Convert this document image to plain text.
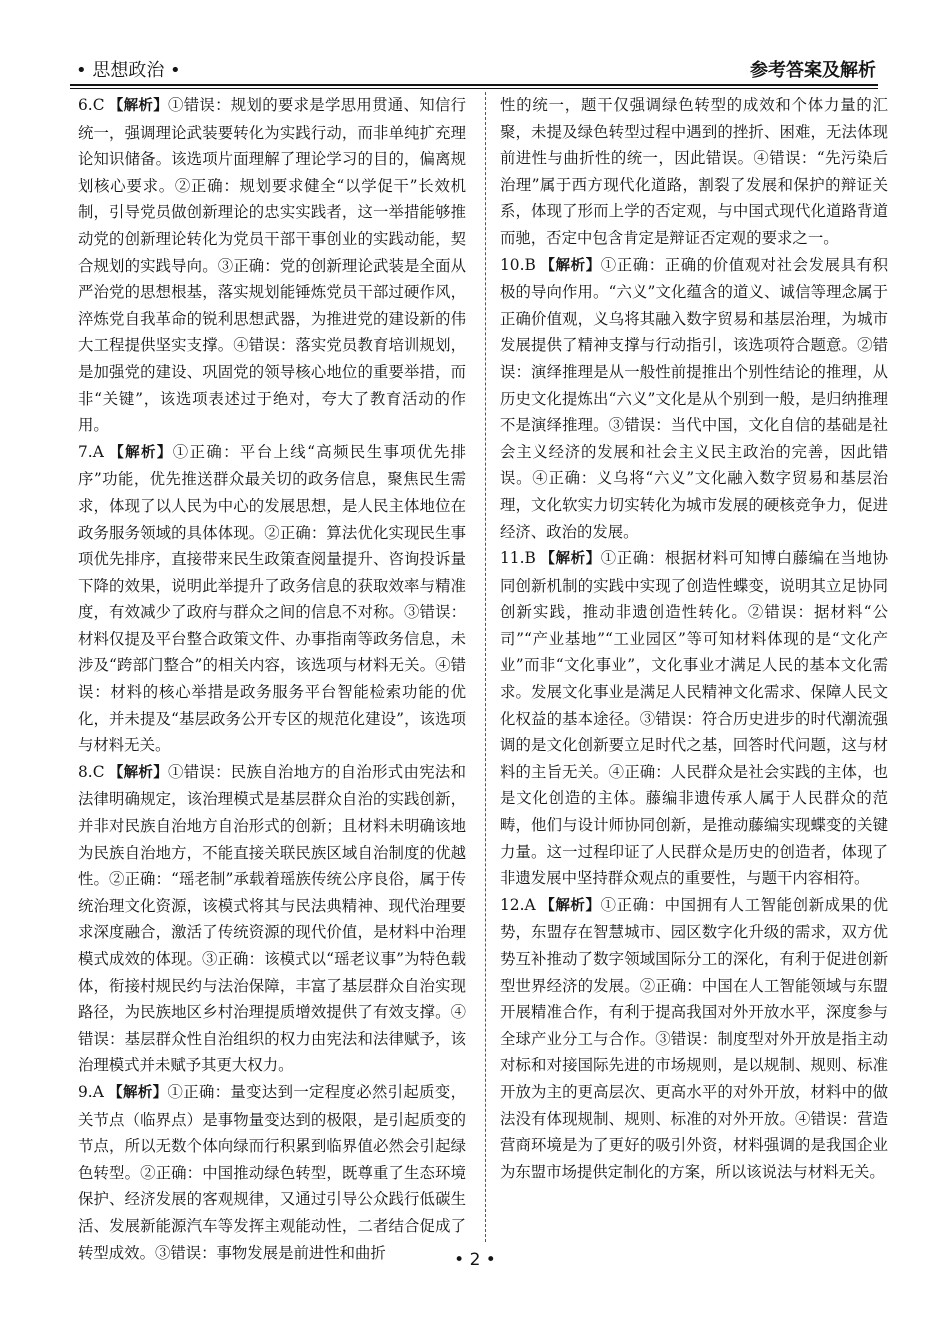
• 思想政治 •	参考答案及解析

6.C 【解析】①错误：规划的要求是学思用贯通、知信行统一，强调理论武装要转化为实践行动，而非单纯扩充理论知识储备。该选项片面理解了理论学习的目的，偏离规划核心要求。②正确：规划要求健全“以学促干”长效机制，引导党员做创新理论的忠实实践者，这一举措能够推动党的创新理论转化为党员干部干事创业的实践动能，契合规划的实践导向。③正确：党的创新理论武装是全面从严治党的思想根基，落实规划能锤炼党员干部过硬作风，淬炼党自我革命的锐利思想武器，为推进党的建设新的伟大工程提供坚实支撑。④错误：落实党员教育培训规划，是加强党的建设、巩固党的领导核心地位的重要举措，而非“关键”，该选项表述过于绝对，夸大了教育活动的作用。

7.A 【解析】①正确：平台上线“高频民生事项优先排序”功能，优先推送群众最关切的政务信息，聚焦民生需求，体现了以人民为中心的发展思想，是人民主体地位在政务服务领域的具体体现。②正确：算法优化实现民生事项优先排序，直接带来民生政策查阅量提升、咨询投诉量下降的效果，说明此举提升了政务信息的获取效率与精准度，有效减少了政府与群众之间的信息不对称。③错误：材料仅提及平台整合政策文件、办事指南等政务信息，未涉及“跨部门整合”的相关内容，该选项与材料无关。④错误：材料的核心举措是政务服务平台智能检索功能的优化，并未提及“基层政务公开专区的规范化建设”，该选项与材料无关。

8.C 【解析】①错误：民族自治地方的自治形式由宪法和法律明确规定，该治理模式是基层群众自治的实践创新，并非对民族自治地方自治形式的创新；且材料未明确该地为民族自治地方，不能直接关联民族区域自治制度的优越性。②正确：“瑶老制”承载着瑶族传统公序良俗，属于传统治理文化资源，该模式将其与民法典精神、现代治理要求深度融合，激活了传统资源的现代价值，是材料中治理模式成效的体现。③正确：该模式以“瑶老议事”为特色载体，衔接村规民约与法治保障，丰富了基层群众自治实现路径，为民族地区乡村治理提质增效提供了有效支撑。④错误：基层群众性自治组织的权力由宪法和法律赋予，该治理模式并未赋予其更大权力。

9.A 【解析】①正确：量变达到一定程度必然引起质变，关节点（临界点）是事物量变达到的极限，是引起质变的节点，所以无数个体向绿而行积累到临界值必然会引起绿色转型。②正确：中国推动绿色转型，既尊重了生态环境保护、经济发展的客观规律，又通过引导公众践行低碳生活、发展新能源汽车等发挥主观能动性，二者结合促成了转型成效。③错误：事物发展是前进性和曲折

性的统一，题干仅强调绿色转型的成效和个体力量的汇聚，未提及绿色转型过程中遇到的挫折、困难，无法体现前进性与曲折性的统一，因此错误。④错误：“先污染后治理”属于西方现代化道路，割裂了发展和保护的辩证关系，体现了形而上学的否定观，与中国式现代化道路背道而驰，否定中包含肯定是辩证否定观的要求之一。

10.B 【解析】①正确：正确的价值观对社会发展具有积极的导向作用。“六义”文化蕴含的道义、诚信等理念属于正确价值观，义乌将其融入数字贸易和基层治理，为城市发展提供了精神支撑与行动指引，该选项符合题意。②错误：演绎推理是从一般性前提推出个别性结论的推理，从历史文化提炼出“六义”文化是从个别到一般，是归纳推理不是演绎推理。③错误：当代中国，文化自信的基础是社会主义经济的发展和社会主义民主政治的完善，因此错误。④正确：义乌将“六义”文化融入数字贸易和基层治理，文化软实力切实转化为城市发展的硬核竞争力，促进经济、政治的发展。

11.B 【解析】①正确：根据材料可知博白藤编在当地协同创新机制的实践中实现了创造性蝶变，说明其立足协同创新实践，推动非遗创造性转化。②错误：据材料“公司”“产业基地”“工业园区”等可知材料体现的是“文化产业”而非“文化事业”，文化事业才满足人民的基本文化需求。发展文化事业是满足人民精神文化需求、保障人民文化权益的基本途径。③错误：符合历史进步的时代潮流强调的是文化创新要立足时代之基，回答时代问题，这与材料的主旨无关。④正确：人民群众是社会实践的主体，也是文化创造的主体。藤编非遗传承人属于人民群众的范畴，他们与设计师协同创新，是推动藤编实现蝶变的关键力量。这一过程印证了人民群众是历史的创造者，体现了非遗发展中坚持群众观点的重要性，与题干内容相符。

12.A 【解析】①正确：中国拥有人工智能创新成果的优势，东盟存在智慧城市、园区数字化升级的需求，双方优势互补推动了数字领域国际分工的深化，有利于促进创新型世界经济的发展。②正确：中国在人工智能领域与东盟开展精准合作，有利于提高我国对外开放水平，深度参与全球产业分工与合作。③错误：制度型对外开放是指主动对标和对接国际先进的市场规则，是以规制、规则、标准开放为主的更高层次、更高水平的对外开放，材料中的做法没有体现规制、规则、标准的对外开放。④错误：营造营商环境是为了更好的吸引外资，材料强调的是我国企业为东盟市场提供定制化的方案，所以该说法与材料无关。

• 2 •
